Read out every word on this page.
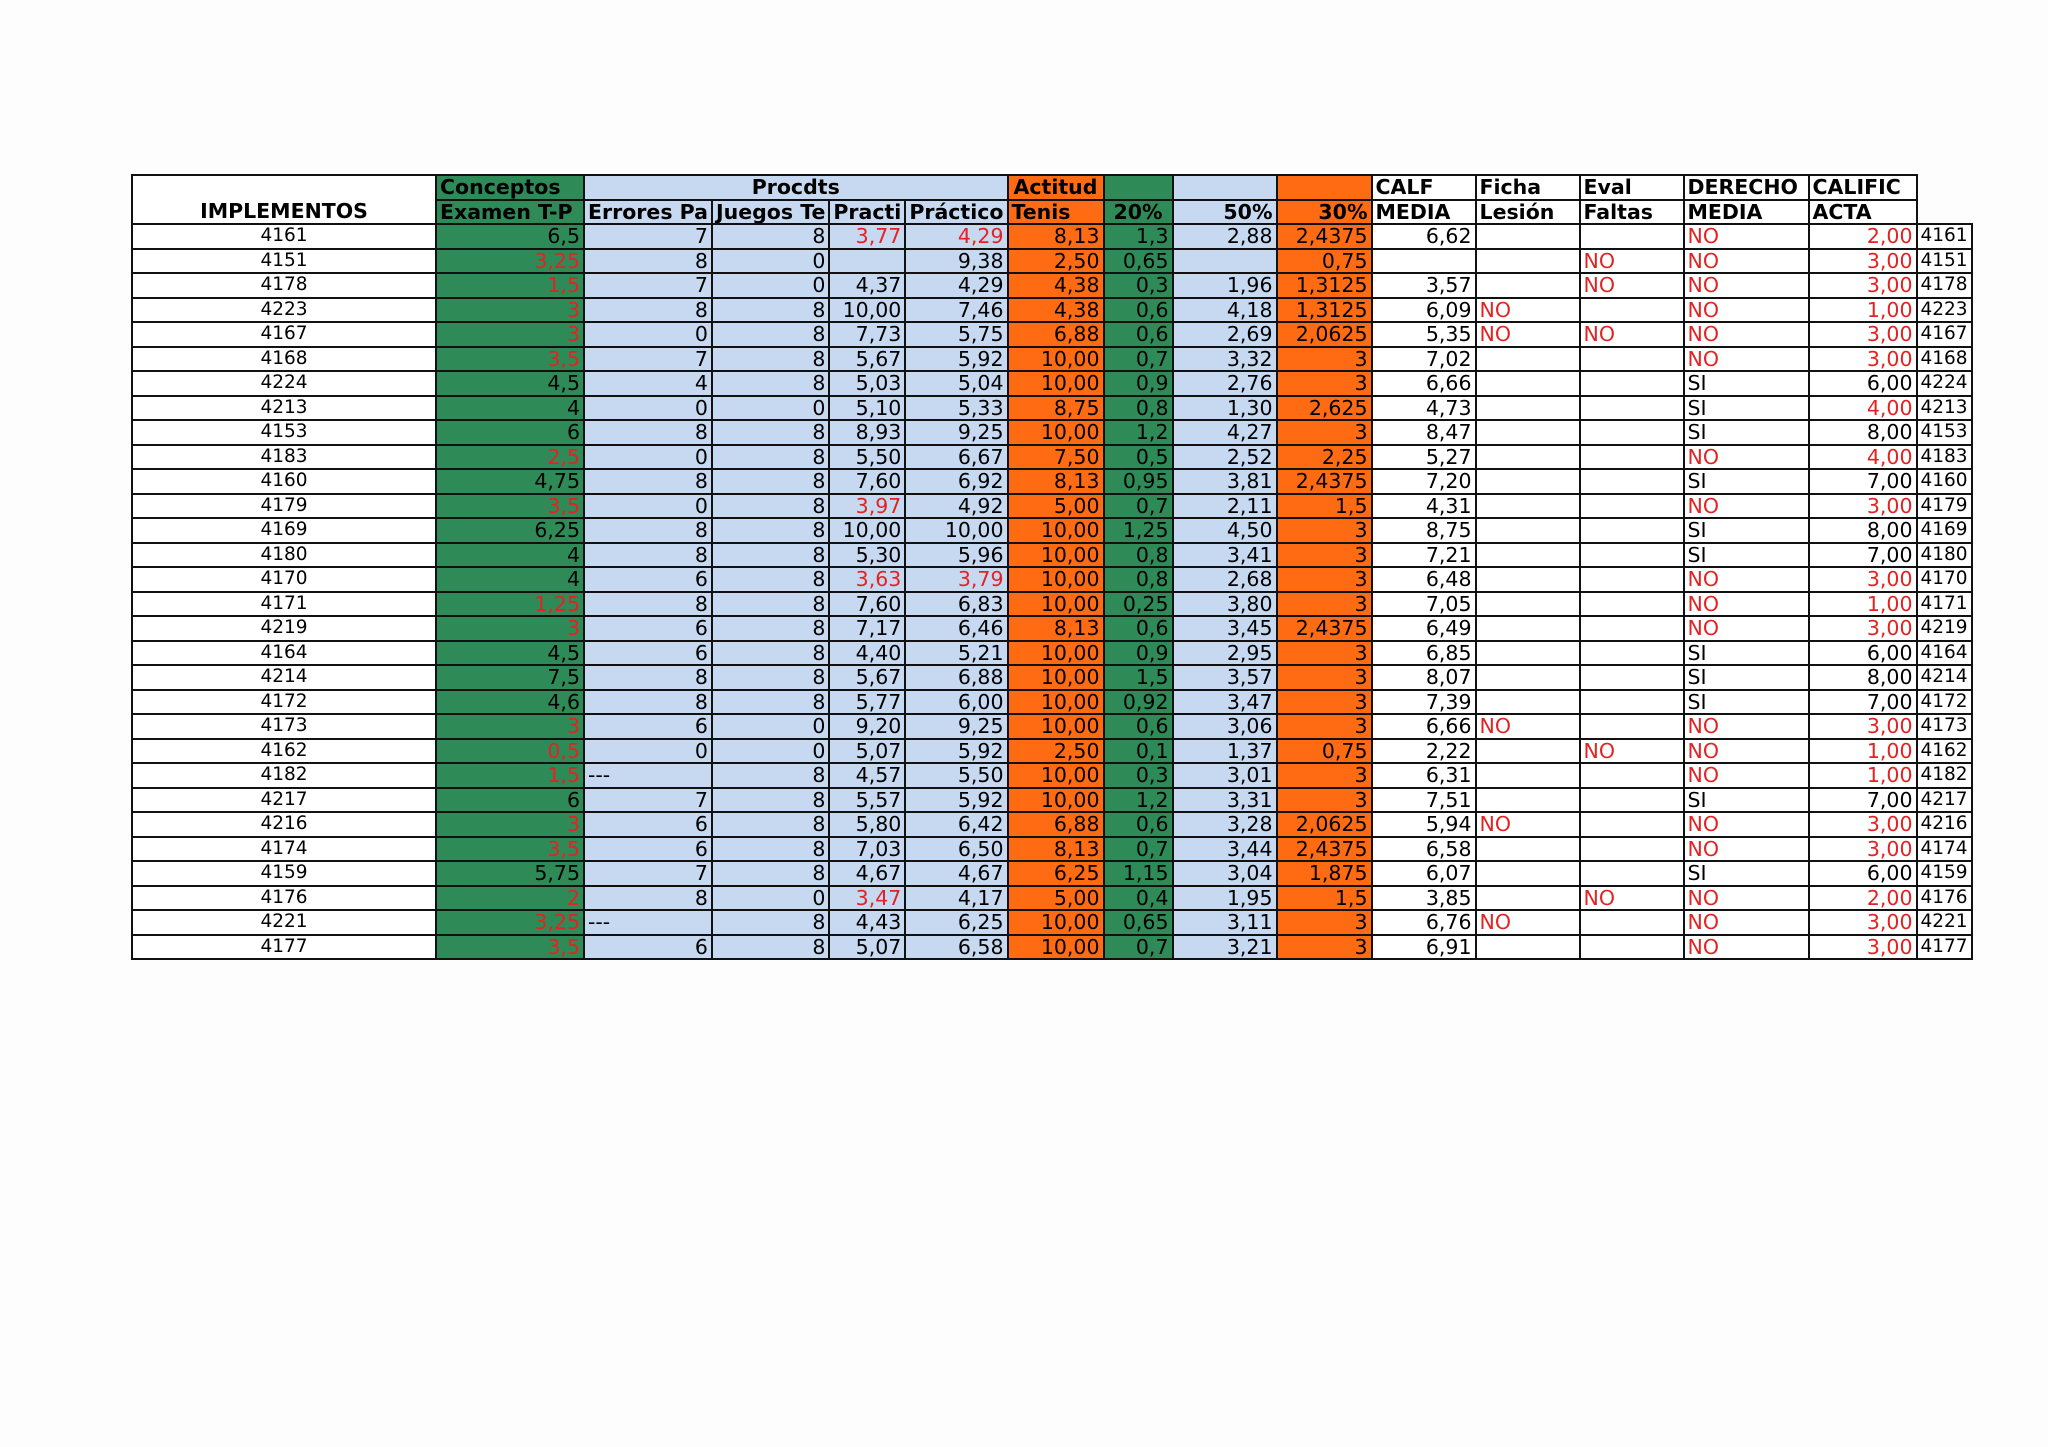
	Conceptos	Procdts				Actitud				CALF	Ficha	Eval	DERECHO	CALIFIC	
IMPLEMENTOS	Examen T-P	Errores Pa	Juegos Te	Practi	Práctico	Tenis	20%	50%	30%	MEDIA	Lesión	Faltas	MEDIA	ACTA	
4161	6,5	7	8	3,77	4,29	8,13	1,3	2,88	2,4375	6,62			NO	2,00	4161
4151	3,25	8	0		9,38	2,50	0,65		0,75			NO	NO	3,00	4151
4178	1,5	7	0	4,37	4,29	4,38	0,3	1,96	1,3125	3,57		NO	NO	3,00	4178
4223	3	8	8	10,00	7,46	4,38	0,6	4,18	1,3125	6,09	NO		NO	1,00	4223
4167	3	0	8	7,73	5,75	6,88	0,6	2,69	2,0625	5,35	NO	NO	NO	3,00	4167
4168	3,5	7	8	5,67	5,92	10,00	0,7	3,32	3	7,02			NO	3,00	4168
4224	4,5	4	8	5,03	5,04	10,00	0,9	2,76	3	6,66			SI	6,00	4224
4213	4	0	0	5,10	5,33	8,75	0,8	1,30	2,625	4,73			SI	4,00	4213
4153	6	8	8	8,93	9,25	10,00	1,2	4,27	3	8,47			SI	8,00	4153
4183	2,5	0	8	5,50	6,67	7,50	0,5	2,52	2,25	5,27			NO	4,00	4183
4160	4,75	8	8	7,60	6,92	8,13	0,95	3,81	2,4375	7,20			SI	7,00	4160
4179	3,5	0	8	3,97	4,92	5,00	0,7	2,11	1,5	4,31			NO	3,00	4179
4169	6,25	8	8	10,00	10,00	10,00	1,25	4,50	3	8,75			SI	8,00	4169
4180	4	8	8	5,30	5,96	10,00	0,8	3,41	3	7,21			SI	7,00	4180
4170	4	6	8	3,63	3,79	10,00	0,8	2,68	3	6,48			NO	3,00	4170
4171	1,25	8	8	7,60	6,83	10,00	0,25	3,80	3	7,05			NO	1,00	4171
4219	3	6	8	7,17	6,46	8,13	0,6	3,45	2,4375	6,49			NO	3,00	4219
4164	4,5	6	8	4,40	5,21	10,00	0,9	2,95	3	6,85			SI	6,00	4164
4214	7,5	8	8	5,67	6,88	10,00	1,5	3,57	3	8,07			SI	8,00	4214
4172	4,6	8	8	5,77	6,00	10,00	0,92	3,47	3	7,39			SI	7,00	4172
4173	3	6	0	9,20	9,25	10,00	0,6	3,06	3	6,66	NO		NO	3,00	4173
4162	0,5	0	0	5,07	5,92	2,50	0,1	1,37	0,75	2,22		NO	NO	1,00	4162
4182	1,5	---	8	4,57	5,50	10,00	0,3	3,01	3	6,31			NO	1,00	4182
4217	6	7	8	5,57	5,92	10,00	1,2	3,31	3	7,51			SI	7,00	4217
4216	3	6	8	5,80	6,42	6,88	0,6	3,28	2,0625	5,94	NO		NO	3,00	4216
4174	3,5	6	8	7,03	6,50	8,13	0,7	3,44	2,4375	6,58			NO	3,00	4174
4159	5,75	7	8	4,67	4,67	6,25	1,15	3,04	1,875	6,07			SI	6,00	4159
4176	2	8	0	3,47	4,17	5,00	0,4	1,95	1,5	3,85		NO	NO	2,00	4176
4221	3,25	---	8	4,43	6,25	10,00	0,65	3,11	3	6,76	NO		NO	3,00	4221
4177	3,5	6	8	5,07	6,58	10,00	0,7	3,21	3	6,91			NO	3,00	4177
